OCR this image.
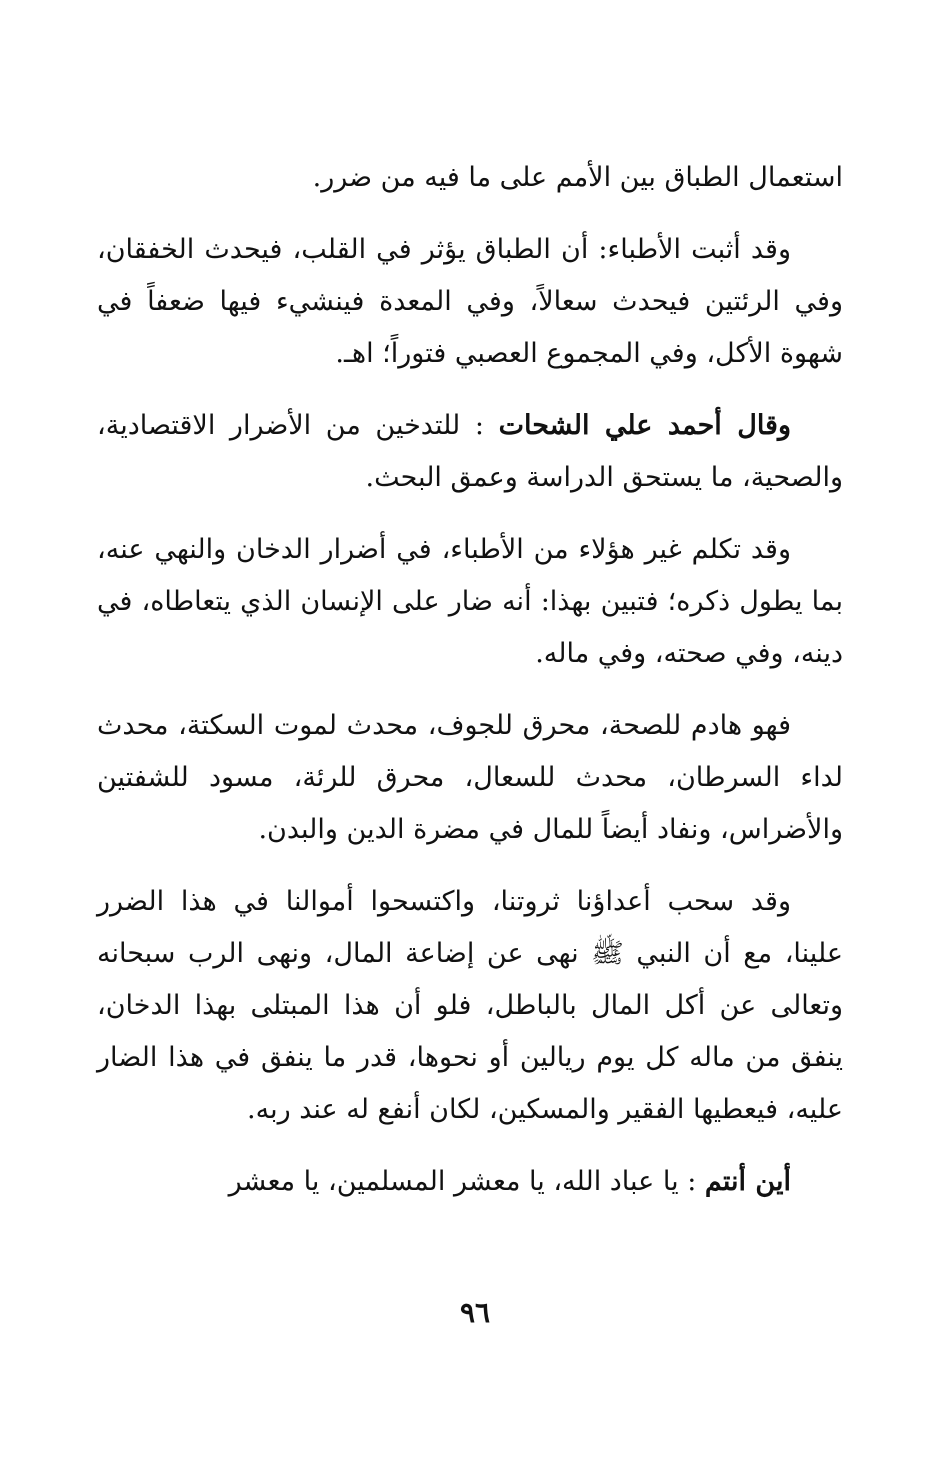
استعمال الطباق بين الأمم على ما فيه من ضرر.

وقد أثبت الأطباء: أن الطباق يؤثر في القلب، فيحدث الخفقان، وفي الرئتين فيحدث سعالاً، وفي المعدة فينشيء فيها ضعفاً في شهوة الأكل، وفي المجموع العصبي فتوراً؛ اهـ.

وقال أحمد علي الشحات : للتدخين من الأضرار الاقتصادية، والصحية، ما يستحق الدراسة وعمق البحث.

وقد تكلم غير هؤلاء من الأطباء، في أضرار الدخان والنهي عنه، بما يطول ذكره؛ فتبين بهذا: أنه ضار على الإنسان الذي يتعاطاه، في دينه، وفي صحته، وفي ماله.

فهو هادم للصحة، محرق للجوف، محدث لموت السكتة، محدث لداء السرطان، محدث للسعال، محرق للرئة، مسود للشفتين والأضراس، ونفاد أيضاً للمال في مضرة الدين والبدن.

وقد سحب أعداؤنا ثروتنا، واكتسحوا أموالنا في هذا الضرر علينا، مع أن النبي ﷺ نهى عن إضاعة المال، ونهى الرب سبحانه وتعالى عن أكل المال بالباطل، فلو أن هذا المبتلى بهذا الدخان، ينفق من ماله كل يوم ريالين أو نحوها، قدر ما ينفق في هذا الضار عليه، فيعطيها الفقير والمسكين، لكان أنفع له عند ربه.

أين أنتم : يا عباد الله، يا معشر المسلمين، يا معشر

٩٦
